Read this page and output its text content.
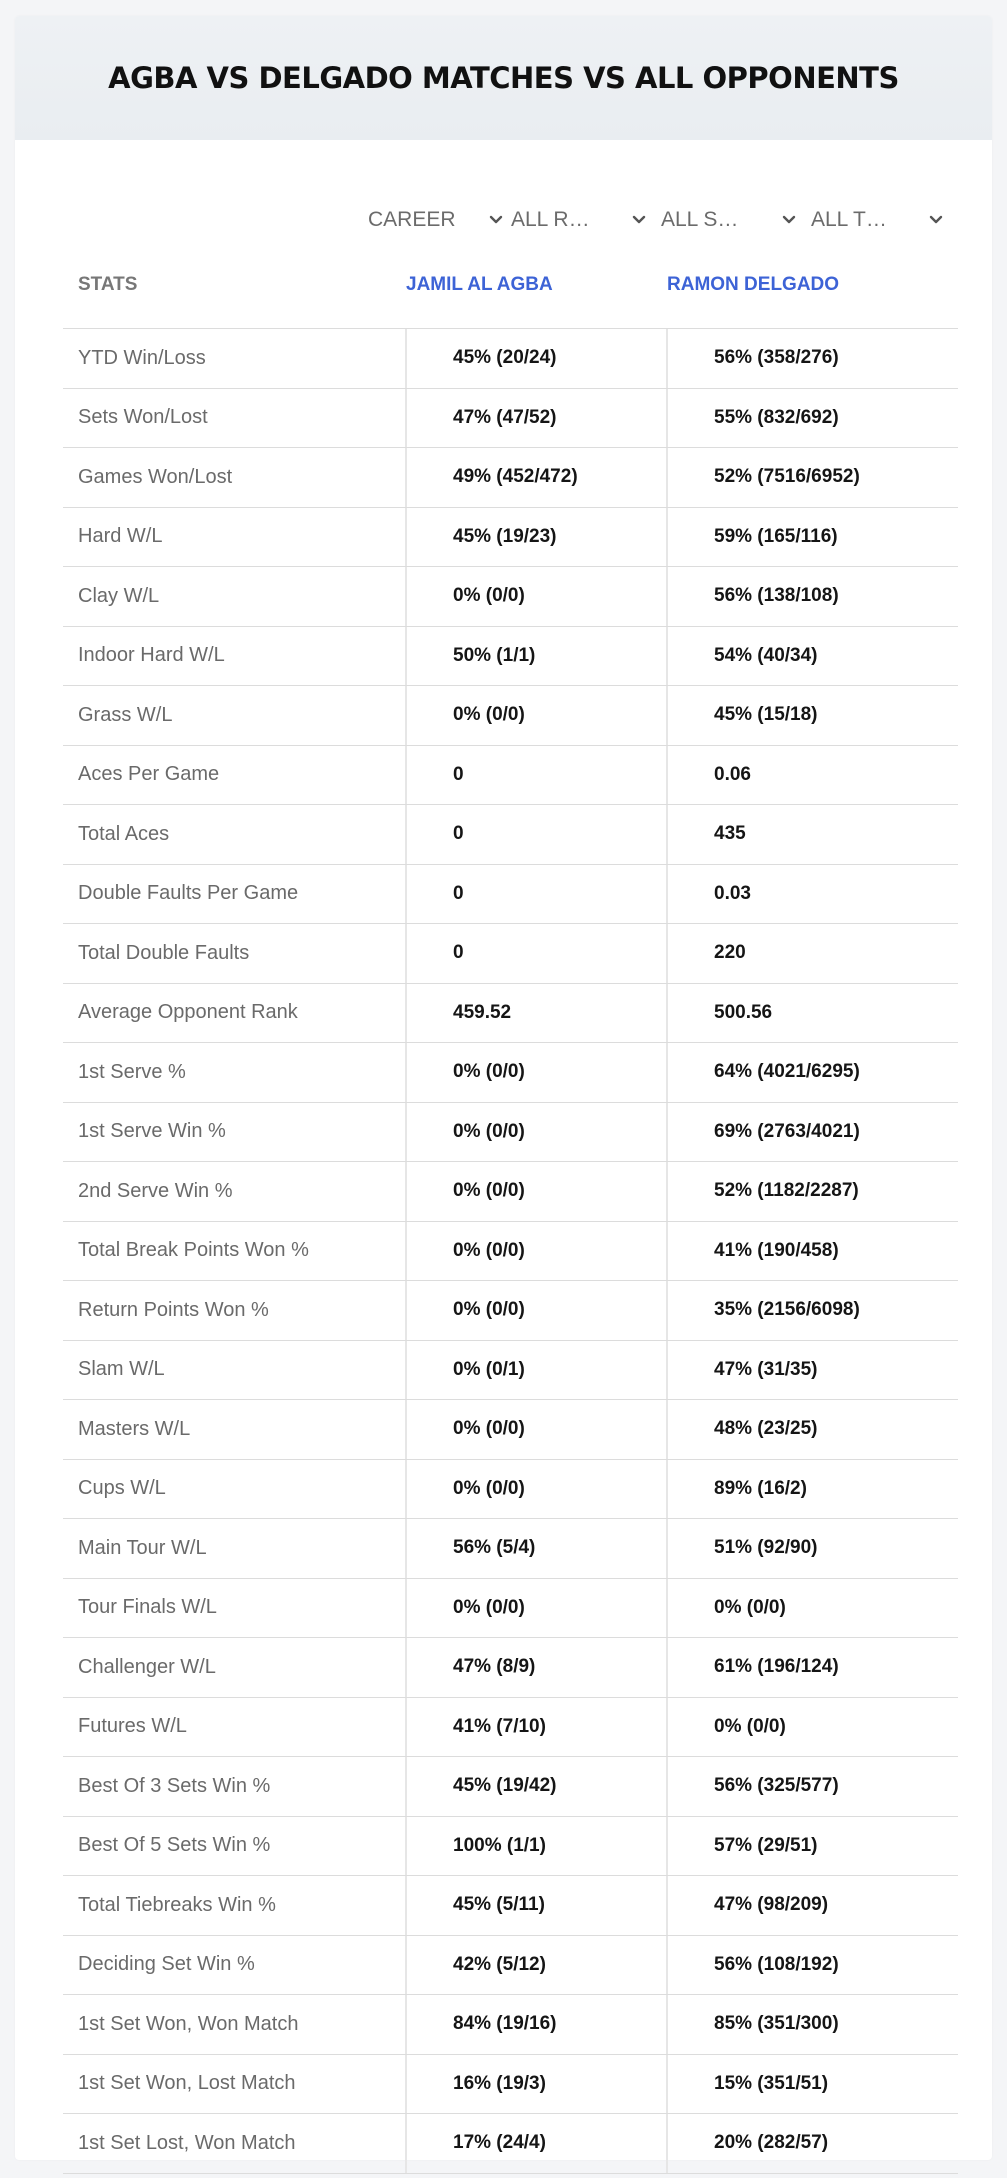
AGBA VS DELGADO MATCHES VS ALL OPPONENTS
CAREER	ALL R…	ALL S…	ALL T…
STATS	JAMIL AL AGBA	RAMON DELGADO
YTD Win/Loss	45% (20/24)	56% (358/276)
Sets Won/Lost	47% (47/52)	55% (832/692)
Games Won/Lost	49% (452/472)	52% (7516/6952)
Hard W/L	45% (19/23)	59% (165/116)
Clay W/L	0% (0/0)	56% (138/108)
Indoor Hard W/L	50% (1/1)	54% (40/34)
Grass W/L	0% (0/0)	45% (15/18)
Aces Per Game	0	0.06
Total Aces	0	435
Double Faults Per Game	0	0.03
Total Double Faults	0	220
Average Opponent Rank	459.52	500.56
1st Serve %	0% (0/0)	64% (4021/6295)
1st Serve Win %	0% (0/0)	69% (2763/4021)
2nd Serve Win %	0% (0/0)	52% (1182/2287)
Total Break Points Won %	0% (0/0)	41% (190/458)
Return Points Won %	0% (0/0)	35% (2156/6098)
Slam W/L	0% (0/1)	47% (31/35)
Masters W/L	0% (0/0)	48% (23/25)
Cups W/L	0% (0/0)	89% (16/2)
Main Tour W/L	56% (5/4)	51% (92/90)
Tour Finals W/L	0% (0/0)	0% (0/0)
Challenger W/L	47% (8/9)	61% (196/124)
Futures W/L	41% (7/10)	0% (0/0)
Best Of 3 Sets Win %	45% (19/42)	56% (325/577)
Best Of 5 Sets Win %	100% (1/1)	57% (29/51)
Total Tiebreaks Win %	45% (5/11)	47% (98/209)
Deciding Set Win %	42% (5/12)	56% (108/192)
1st Set Won, Won Match	84% (19/16)	85% (351/300)
1st Set Won, Lost Match	16% (19/3)	15% (351/51)
1st Set Lost, Won Match	17% (24/4)	20% (282/57)
